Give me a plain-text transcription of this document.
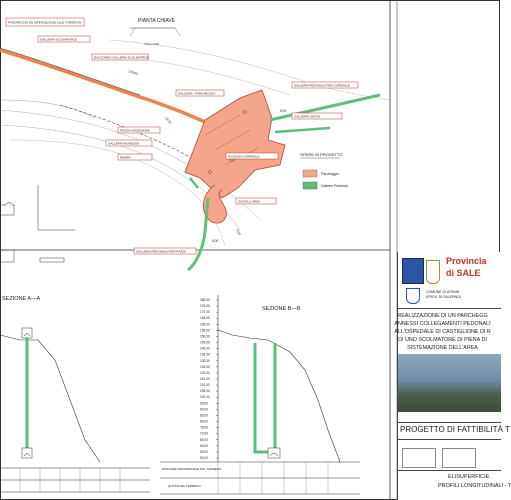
139,00
5,00
18,00
5,00
5,00
PARCHEGGIO ED INTERSEZIONE ALLE TORRENTE
GALLERIA SCOLMATRICE
RACCORDO GALLERIA SCOLMATRICE
GALLERIA - PARCHEGGIO
GALLERIA PEDONALE PER OSPEDALE
POZZO ASCENSORE
GALLERIA INGRESSO
GALLERIA USCITA
RAMPA
SCIVOLO AREA
GALLERIA PEDONALE PER PIAZZA
ACCESSO OSPEDALE
PIANTA CHIAVE
Scala 1:1000
OPERE IN PROGETTO
Parcheggio
Gallerie Pedonali
SEZIONE A—A
SEZIONE B—B
180,00
175,00
170,00
165,00
160,00
155,00
150,00
145,00
140,00
135,00
130,00
125,00
120,00
115,00
110,00
105,00
100,00
95,00
90,00
85,00
80,00
75,00
70,00
65,00
60,00
55,00
50,00
DISTANZE PROGRESSIVE DAL TERRENO
QUOTE DEL TERRENO
Provincia
di SALE
COMUNE DI ATRANI
(PROV. DI SALERNO)
REALIZZAZIONE DI UN PARCHEGG
ANNESSI COLLEGAMENTI PEDONALI
ALL'OSPEDALE DI CASTIGLIONE DI R
DI UNO SCOLMATORE DI PIENA DI
SISTEMAZIONE DELL'AREA
PROGETTO DI FATTIBILITÀ T
ELISUPERFICIE
PROFILI LONGITUDINALI - T
